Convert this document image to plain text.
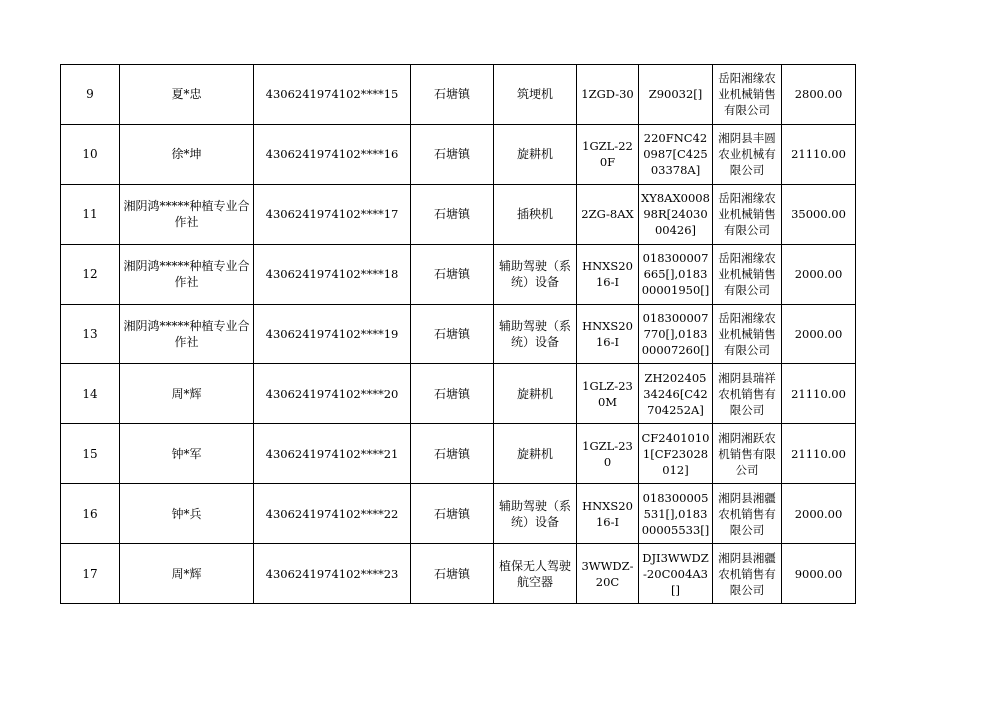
9	夏*忠	4306241974102****15	石塘镇	筑埂机	1ZGD-30	Z90032[]	岳阳湘缘农业机械销售有限公司	2800.00

10	徐*坤	4306241974102****16	石塘镇	旋耕机	1GZL-220F	220FNC420987[C42503378A]	湘阴县丰圆农业机械有限公司	21110.00

11	湘阴鸿*****种植专业合作社	4306241974102****17	石塘镇	插秧机	2ZG-8AX	XY8AX000898R[2403000426]	岳阳湘缘农业机械销售有限公司	35000.00

12	湘阴鸿*****种植专业合作社	4306241974102****18	石塘镇	辅助驾驶（系统）设备	HNXS2016-I	018300007665[],018300001950[]	岳阳湘缘农业机械销售有限公司	2000.00

13	湘阴鸿*****种植专业合作社	4306241974102****19	石塘镇	辅助驾驶（系统）设备	HNXS2016-I	018300007770[],018300007260[]	岳阳湘缘农业机械销售有限公司	2000.00

14	周*辉	4306241974102****20	石塘镇	旋耕机	1GLZ-230M	ZH20240534246[C42704252A]	湘阴县瑞祥农机销售有限公司	21110.00

15	钟*军	4306241974102****21	石塘镇	旋耕机	1GZL-230	CF24010101[CF23028012]	湘阴湘跃农机销售有限公司	21110.00

16	钟*兵	4306241974102****22	石塘镇	辅助驾驶（系统）设备	HNXS2016-I	018300005531[],018300005533[]	湘阴县湘疆农机销售有限公司	2000.00

17	周*辉	4306241974102****23	石塘镇	植保无人驾驶航空器	3WWDZ-20C	DJI3WWDZ-20C004A3[]	湘阴县湘疆农机销售有限公司	9000.00
